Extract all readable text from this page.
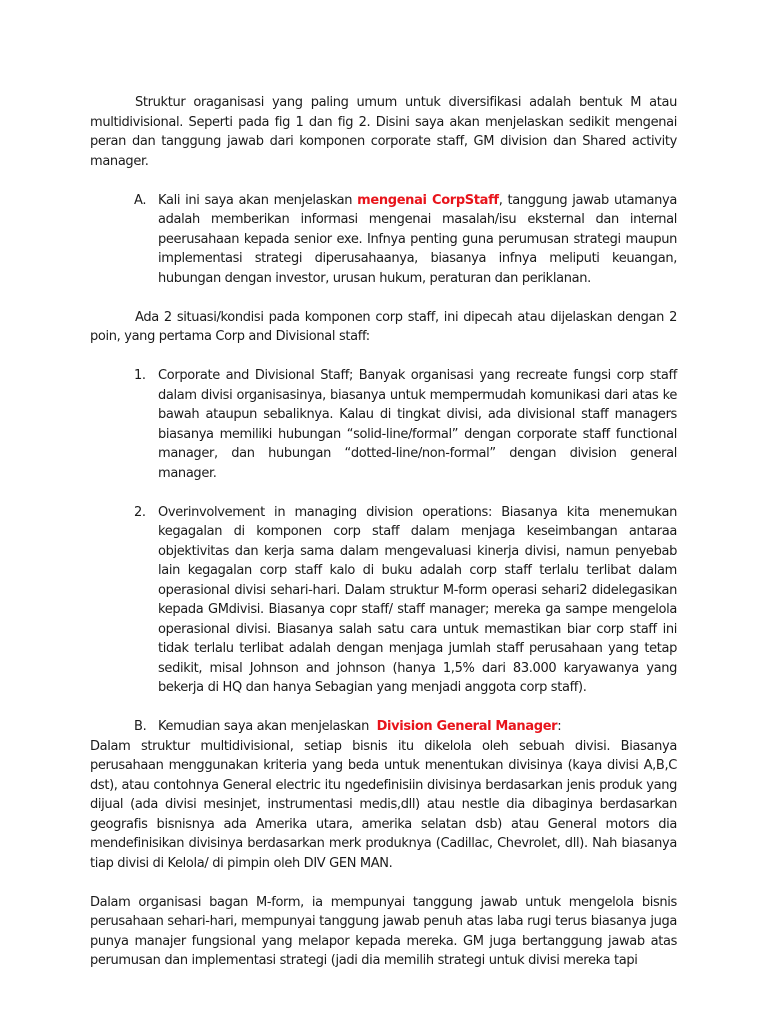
Struktur oraganisasi yang paling umum untuk diversifikasi adalah bentuk M atau multidivisional. Seperti pada fig 1 dan fig 2. Disini saya akan menjelaskan sedikit mengenai peran dan tanggung jawab dari komponen corporate staff, GM division dan Shared activity manager.

A. Kali ini saya akan menjelaskan mengenai CorpStaff, tanggung jawab utamanya adalah memberikan informasi mengenai masalah/isu eksternal dan internal peerusahaan kepada senior exe. Infnya penting guna perumusan strategi maupun implementasi strategi diperusahaanya, biasanya infnya meliputi keuangan, hubungan dengan investor, urusan hukum, peraturan dan periklanan.

Ada 2 situasi/kondisi pada komponen corp staff, ini dipecah atau dijelaskan dengan 2 poin, yang pertama Corp and Divisional staff:

1. Corporate and Divisional Staff; Banyak organisasi yang recreate fungsi corp staff dalam divisi organisasinya, biasanya untuk mempermudah komunikasi dari atas ke bawah ataupun sebaliknya. Kalau di tingkat divisi, ada divisional staff managers biasanya memiliki hubungan “solid-line/formal” dengan corporate staff functional manager, dan hubungan “dotted-line/non-formal” dengan division general manager.
2. Overinvolvement in managing division operations: Biasanya kita menemukan kegagalan di komponen corp staff dalam menjaga keseimbangan antaraa objektivitas dan kerja sama dalam mengevaluasi kinerja divisi, namun penyebab lain kegagalan corp staff kalo di buku adalah corp staff terlalu terlibat dalam operasional divisi sehari-hari. Dalam struktur M-form operasi sehari2 didelegasikan kepada GMdivisi. Biasanya copr staff/ staff manager; mereka ga sampe mengelola operasional divisi. Biasanya salah satu cara untuk memastikan biar corp staff ini tidak terlalu terlibat adalah dengan menjaga jumlah staff perusahaan yang tetap sedikit, misal Johnson and johnson (hanya 1,5% dari 83.000 karyawanya yang bekerja di HQ dan hanya Sebagian yang menjadi anggota corp staff).
B. Kemudian saya akan menjelaskan  Division General Manager:

Dalam struktur multidivisional, setiap bisnis itu dikelola oleh sebuah divisi. Biasanya perusahaan menggunakan kriteria yang beda untuk menentukan divisinya (kaya divisi A,B,C dst), atau contohnya General electric itu ngedefinisiin divisinya berdasarkan jenis produk yang dijual (ada divisi mesinjet, instrumentasi medis,dll) atau nestle dia dibaginya berdasarkan geografis bisnisnya ada Amerika utara, amerika selatan dsb) atau General motors dia mendefinisikan divisinya berdasarkan merk produknya (Cadillac, Chevrolet, dll). Nah biasanya tiap divisi di Kelola/ di pimpin oleh DIV GEN MAN.

Dalam organisasi bagan M-form, ia mempunyai tanggung jawab untuk mengelola bisnis perusahaan sehari-hari, mempunyai tanggung jawab penuh atas laba rugi terus biasanya juga punya manajer fungsional yang melapor kepada mereka. GM juga bertanggung jawab atas perumusan dan implementasi strategi (jadi dia memilih strategi untuk divisi mereka tapi
